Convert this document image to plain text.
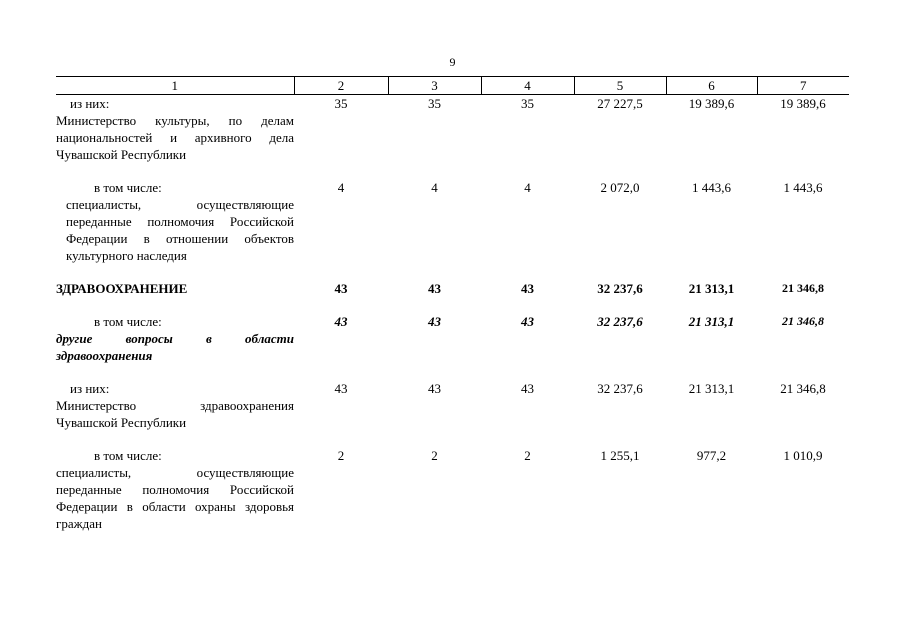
9
1	2	3	4	5	6	7

из них:
Министерство культуры, по делам национальностей и архивного дела Чувашской Республики	35	35	35	27 227,5	19 389,6	19 389,6

в том числе:
специалисты, осуществляющие переданные полномочия Российской Федерации в отношении объектов культурного наследия	4	4	4	2 072,0	1 443,6	1 443,6

ЗДРАВООХРАНЕНИЕ	43	43	43	32 237,6	21 313,1	21 346,8

в том числе:
другие вопросы в области здравоохранения	43	43	43	32 237,6	21 313,1	21 346,8

из них:
Министерство здравоохранения Чувашской Республики	43	43	43	32 237,6	21 313,1	21 346,8

в том числе:
специалисты, осуществляющие переданные полномочия Российской Федерации в области охраны здоровья граждан	2	2	2	1 255,1	977,2	1 010,9
